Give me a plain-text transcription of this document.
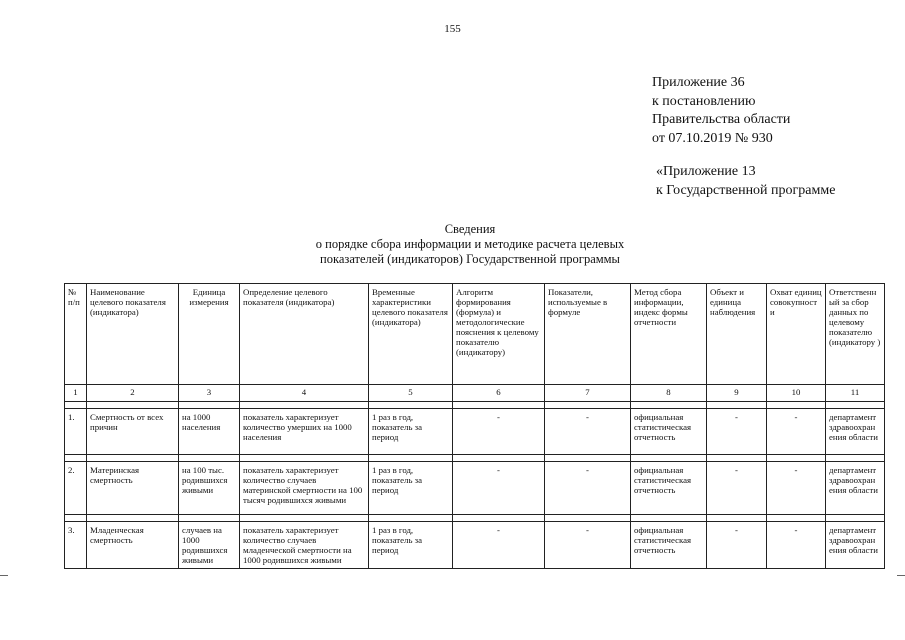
155
Приложение 36
к постановлению
Правительства области
от 07.10.2019 № 930
«Приложение 13
к Государственной программе
Сведения
о порядке сбора информации и методике расчета целевых
показателей (индикаторов) Государственной программы
№ п/п	Наименование целевого показателя (индикатора)	Единица измерения	Определение целевого показателя (индикатора)	Временные характеристики целевого показателя (индикатора)	Алгоритм формирования (формула) и методологические пояснения к целевому показателю (индикатору)	Показатели, используемые в формуле	Метод сбора информации, индекс формы отчетности	Объект и единица наблюдения	Охват единиц совокупност и	Ответственн ый за сбор данных по целевому показателю (индикатору )
1	2	3	4	5	6	7	8	9	10	11

1.	Смертность от всех причин	на 1000 населения	показатель характеризует количество умерших на 1000 населения	1 раз в год, показатель за период	-	-	официальная статистическая отчетность	-	-	департамент здравоохран ения области

2.	Материнская смертность	на 100 тыс. родившихся живыми	показатель характеризует количество случаев материнской смертности на 100 тысяч родившихся живыми	1 раз в год, показатель за период	-	-	официальная статистическая отчетность	-	-	департамент здравоохран ения области

3.	Младенческая смертность	случаев на 1000 родившихся живыми	показатель характеризует количество случаев младенческой смертности на 1000 родившихся живыми	1 раз в год, показатель за период	-	-	официальная статистическая отчетность	-	-	департамент здравоохран ения области
